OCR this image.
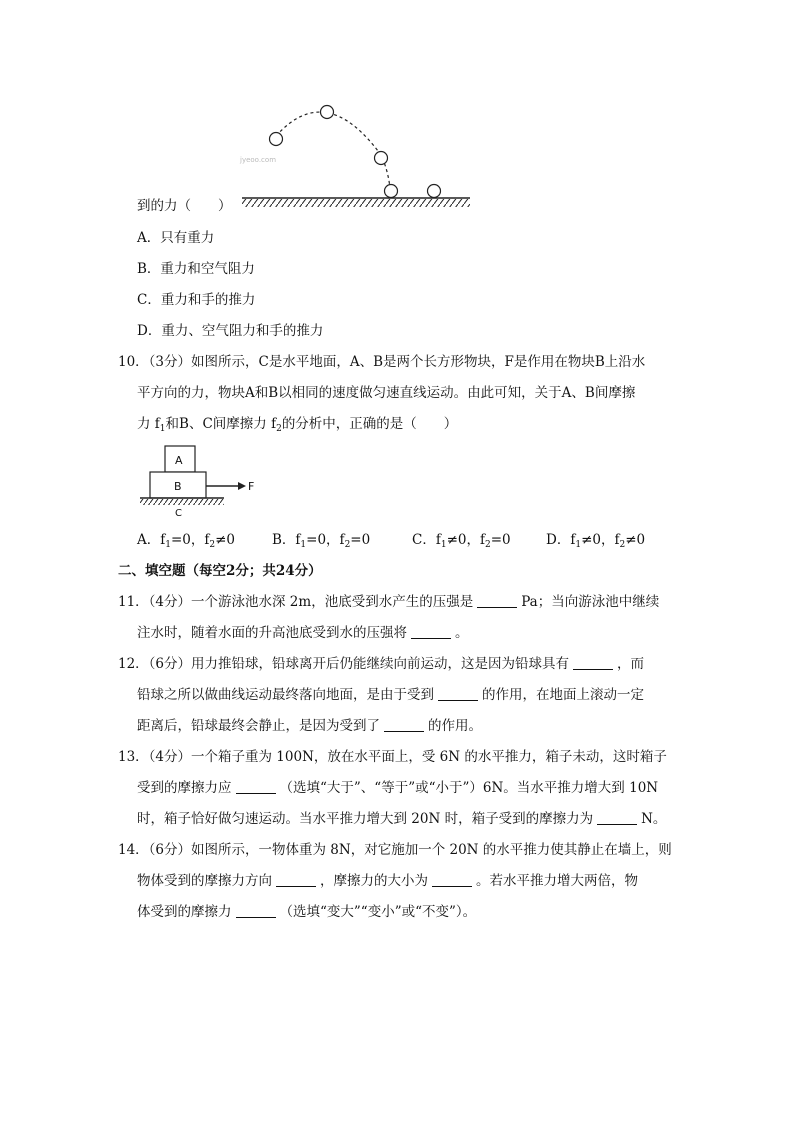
jyeoo.com
到的力（　　）
A．只有重力
B．重力和空气阻力
C．重力和手的推力
D．重力、空气阻力和手的推力
10．（3分）如图所示，C是水平地面，A、B是两个长方形物块，F是作用在物块B上沿水
平方向的力，物块A和B以相同的速度做匀速直线运动。由此可知，关于A、B间摩擦
力 $f_1$和B、C间摩擦力 $f_2$的分析中，正确的是（　　）
A
B	F
C
A．$f_1=0$，$f_2\ne 0$	B．$f_1=0$，$f_2=0$	C．$f_1\ne 0$，$f_2=0$	D．$f_1\ne 0$，$f_2\ne 0$
二、填空题（每空2分；共24分）
11．（4分）一个游泳池水深 2m，池底受到水产生的压强是	Pa；当向游泳池中继续
注水时，随着水面的升高池底受到水的压强将	。
12．（6分）用力推铅球，铅球离开后仍能继续向前运动，这是因为铅球具有	，而
铅球之所以做曲线运动最终落向地面，是由于受到	的作用，在地面上滚动一定
距离后，铅球最终会静止，是因为受到了	的作用。
13．（4分）一个箱子重为 100N，放在水平面上，受 6N 的水平推力，箱子未动，这时箱子
受到的摩擦力应	（选填“大于”、“等于”或“小于”）6N。当水平推力增大到 10N
时，箱子恰好做匀速运动。当水平推力增大到 20N 时，箱子受到的摩擦力为	N。
14．（6分）如图所示，一物体重为 8N，对它施加一个 20N 的水平推力使其静止在墙上，则
物体受到的摩擦力方向	，摩擦力的大小为	。若水平推力增大两倍，物
体受到的摩擦力	（选填“变大”“变小”或“不变”）。
